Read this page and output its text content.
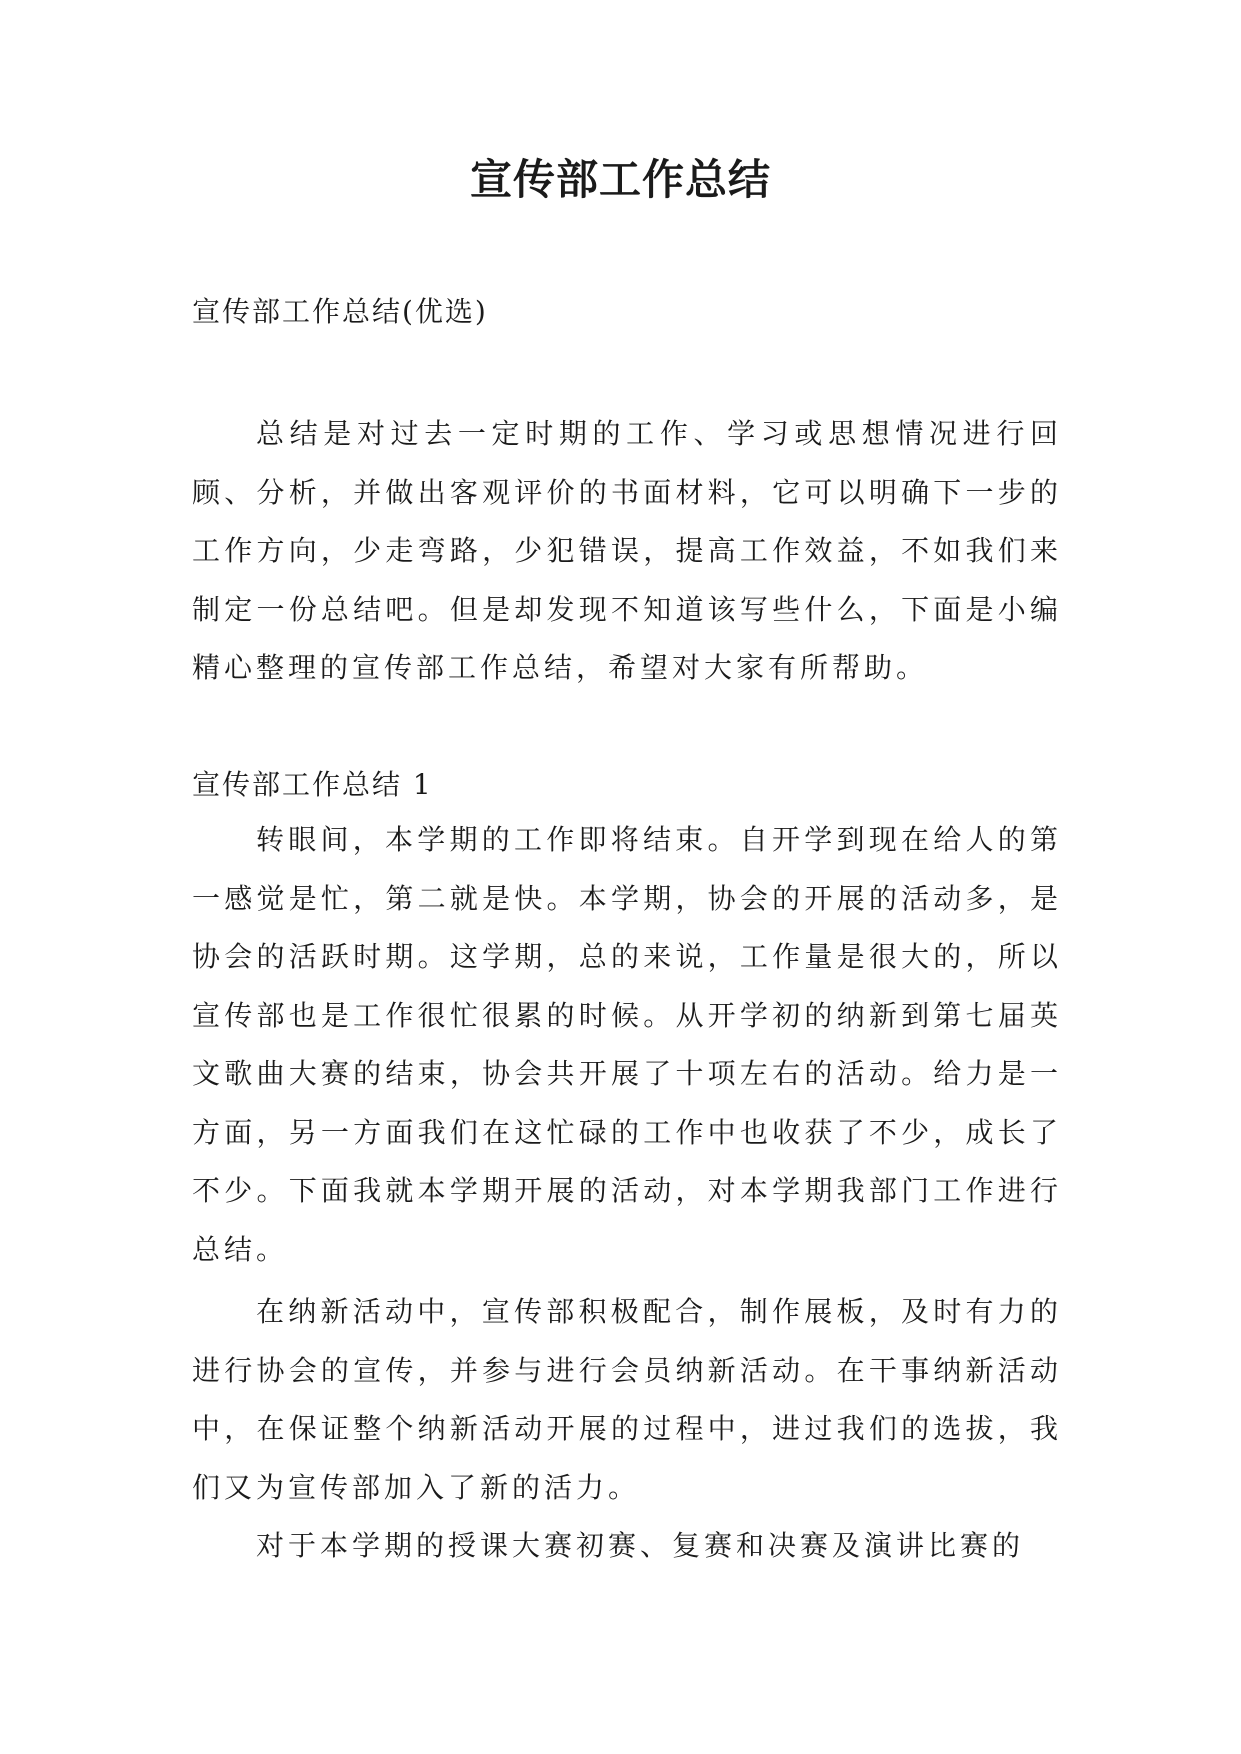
宣传部工作总结
宣传部工作总结(优选)

总结是对过去一定时期的工作、学习或思想情况进行回顾、分析，并做出客观评价的书面材料，它可以明确下一步的工作方向，少走弯路，少犯错误，提高工作效益，不如我们来制定一份总结吧。但是却发现不知道该写些什么，下面是小编精心整理的宣传部工作总结，希望对大家有所帮助。

宣传部工作总结 1

转眼间，本学期的工作即将结束。自开学到现在给人的第一感觉是忙，第二就是快。本学期，协会的开展的活动多，是协会的活跃时期。这学期，总的来说，工作量是很大的，所以宣传部也是工作很忙很累的时候。从开学初的纳新到第七届英文歌曲大赛的结束，协会共开展了十项左右的活动。给力是一方面，另一方面我们在这忙碌的工作中也收获了不少，成长了不少。下面我就本学期开展的活动，对本学期我部门工作进行总结。

在纳新活动中，宣传部积极配合，制作展板，及时有力的进行协会的宣传，并参与进行会员纳新活动。在干事纳新活动中，在保证整个纳新活动开展的过程中，进过我们的选拔，我们又为宣传部加入了新的活力。

对于本学期的授课大赛初赛、复赛和决赛及演讲比赛的
